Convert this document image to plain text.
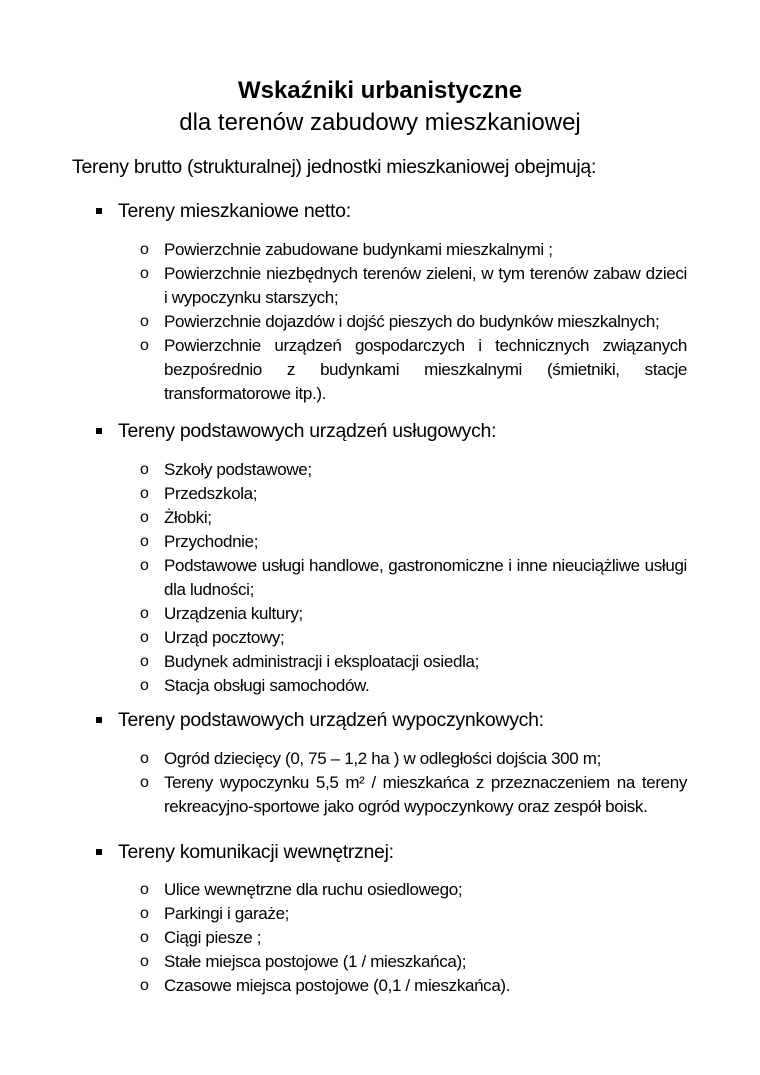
Wskaźniki urbanistyczne
dla terenów zabudowy mieszkaniowej
Tereny brutto (strukturalnej) jednostki mieszkaniowej obejmują:
Tereny mieszkaniowe netto:
o Powierzchnie zabudowane budynkami mieszkalnymi ;
o Powierzchnie niezbędnych terenów zieleni, w tym terenów zabaw dzieci i wypoczynku starszych;
o Powierzchnie dojazdów i dojść pieszych do budynków mieszkalnych;
o Powierzchnie urządzeń gospodarczych i technicznych związanych bezpośrednio z budynkami mieszkalnymi (śmietniki, stacje transformatorowe itp.).
Tereny podstawowych urządzeń usługowych:
o Szkoły podstawowe;
o Przedszkola;
o Żłobki;
o Przychodnie;
o Podstawowe usługi handlowe, gastronomiczne i inne nieuciążliwe usługi dla ludności;
o Urządzenia kultury;
o Urząd pocztowy;
o Budynek administracji i eksploatacji osiedla;
o Stacja obsługi samochodów.
Tereny podstawowych urządzeń wypoczynkowych:
o Ogród dziecięcy (0, 75 – 1,2 ha ) w odległości dojścia 300 m;
o Tereny wypoczynku 5,5 m² / mieszkańca z przeznaczeniem na tereny rekreacyjno-sportowe jako ogród wypoczynkowy oraz zespół boisk.
Tereny komunikacji wewnętrznej:
o Ulice wewnętrzne dla ruchu osiedlowego;
o Parkingi i garaże;
o Ciągi piesze ;
o Stałe miejsca postojowe (1 / mieszkańca);
o Czasowe miejsca postojowe (0,1 / mieszkańca).
